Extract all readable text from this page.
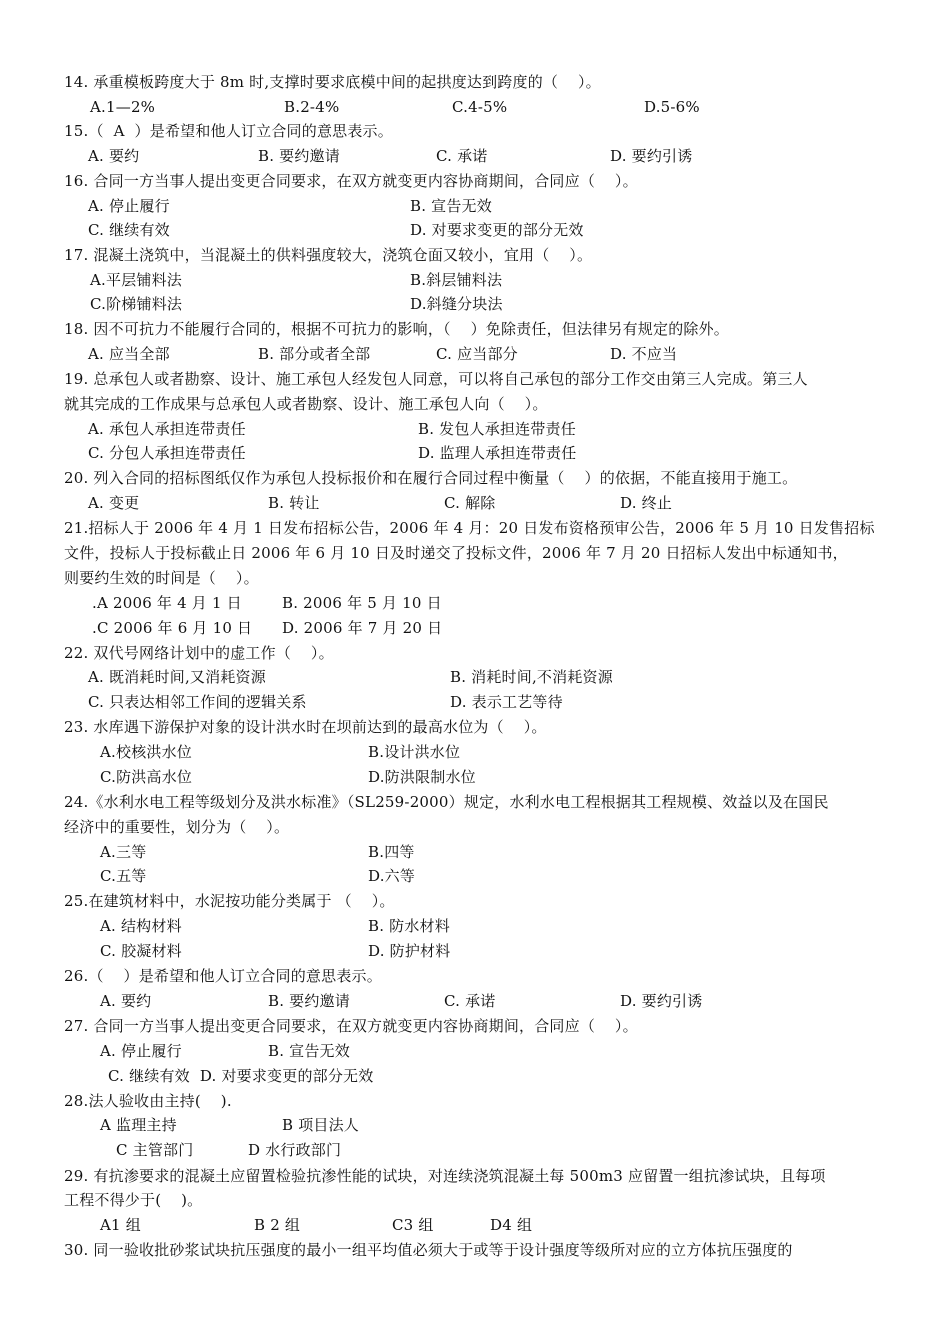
14. 承重模板跨度大于 8m 时,支撑时要求底模中间的起拱度达到跨度的（    ）。
A.1—2%	B.2-4%	C.4-5%	D.5-6%
15.（  A  ）是希望和他人订立合同的意思表示。
A. 要约	B. 要约邀请	C. 承诺	D. 要约引诱
16. 合同一方当事人提出变更合同要求，在双方就变更内容协商期间，合同应（    ）。
A. 停止履行	B. 宣告无效
C. 继续有效	D. 对要求变更的部分无效
17. 混凝土浇筑中，当混凝土的供料强度较大，浇筑仓面又较小，宜用（    ）。
A.平层铺料法	B.斜层铺料法
C.阶梯铺料法	D.斜缝分块法
18. 因不可抗力不能履行合同的，根据不可抗力的影响，（    ）免除责任，但法律另有规定的除外。
A. 应当全部	B. 部分或者全部	C. 应当部分	D. 不应当
19. 总承包人或者勘察、设计、施工承包人经发包人同意，可以将自己承包的部分工作交由第三人完成。第三人
就其完成的工作成果与总承包人或者勘察、设计、施工承包人向（    ）。
A. 承包人承担连带责任	B. 发包人承担连带责任
C. 分包人承担连带责任	D. 监理人承担连带责任
20. 列入合同的招标图纸仅作为承包人投标报价和在履行合同过程中衡量（    ）的依据，不能直接用于施工。
A. 变更	B. 转让	C. 解除	D. 终止
21.招标人于 2006 年 4 月 1 日发布招标公告，2006 年 4 月：20 日发布资格预审公告，2006 年 5 月 10 日发售招标
文件，投标人于投标截止日 2006 年 6 月 10 日及时递交了投标文件，2006 年 7 月 20 日招标人发出中标通知书，
则要约生效的时间是（    ）。
.A 2006 年 4 月 1 日	B. 2006 年 5 月 10 日
.C 2006 年 6 月 10 日 D. 2006 年 7 月 20 日
22. 双代号网络计划中的虚工作（    ）。
A. 既消耗时间,又消耗资源	B. 消耗时间,不消耗资源
C. 只表达相邻工作间的逻辑关系	D. 表示工艺等待
23. 水库遇下游保护对象的设计洪水时在坝前达到的最高水位为（    ）。
A.校核洪水位	B.设计洪水位
C.防洪高水位	D.防洪限制水位
24.《水利水电工程等级划分及洪水标准》（SL259-2000）规定，水利水电工程根据其工程规模、效益以及在国民
经济中的重要性，划分为（    ）。
A.三等	B.四等
C.五等	D.六等
25.在建筑材料中，水泥按功能分类属于 （    ）。
A. 结构材料	B. 防水材料
C. 胶凝材料	D. 防护材料
26.（    ）是希望和他人订立合同的意思表示。
A. 要约	B. 要约邀请	C. 承诺	D. 要约引诱
27. 合同一方当事人提出变更合同要求，在双方就变更内容协商期间，合同应（    ）。
A. 停止履行	B. 宣告无效
C. 继续有效  D. 对要求变更的部分无效
28.法人验收由主持(    ).
A 监理主持	B 项目法人
C 主管部门	D 水行政部门
29. 有抗渗要求的混凝土应留置检验抗渗性能的试块，对连续浇筑混凝土每 500m3 应留置一组抗渗试块，且每项
工程不得少于(    )。
A1 组	B 2 组	C3 组	D4 组
30. 同一验收批砂浆试块抗压强度的最小一组平均值必须大于或等于设计强度等级所对应的立方体抗压强度的
